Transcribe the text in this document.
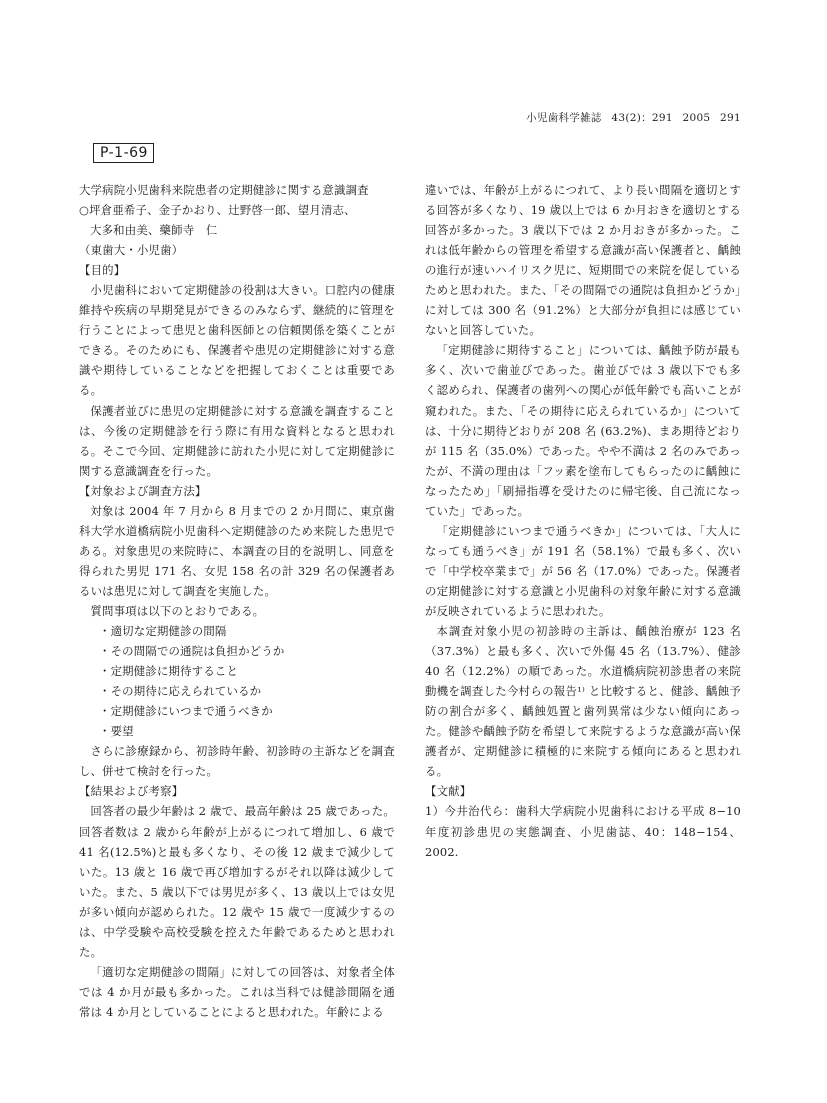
小児歯科学雑誌 43(2)：291 2005 291
P-1-69

大学病院小児歯科来院患者の定期健診に関する意識調査

○坪倉亜希子、金子かおり、辻野啓一郎、望月清志、
大多和由美、藥師寺　仁

（東歯大・小児歯）

【目的】

小児歯科において定期健診の役割は大きい。口腔内の健康維持や疾病の早期発見ができるのみならず、継続的に管理を行うことによって患児と歯科医師との信頼関係を築くことができる。そのためにも、保護者や患児の定期健診に対する意識や期待していることなどを把握しておくことは重要である。

保護者並びに患児の定期健診に対する意識を調査することは、今後の定期健診を行う際に有用な資料となると思われる。そこで今回、定期健診に訪れた小児に対して定期健診に関する意識調査を行った。

【対象および調査方法】

対象は 2004 年 7 月から 8 月までの 2 か月間に、東京歯科大学水道橋病院小児歯科へ定期健診のため来院した患児である。対象患児の来院時に、本調査の目的を説明し、同意を得られた男児 171 名、女児 158 名の計 329 名の保護者あるいは患児に対して調査を実施した。

質問事項は以下のとおりである。

・適切な定期健診の間隔
・その間隔での通院は負担かどうか
・定期健診に期待すること
・その期待に応えられているか
・定期健診にいつまで通うべきか
・要望

さらに診療録から、初診時年齢、初診時の主訴などを調査し、併せて検討を行った。

【結果および考察】

回答者の最少年齢は 2 歳で、最高年齢は 25 歳であった。回答者数は 2 歳から年齢が上がるにつれて増加し、6 歳で 41 名(12.5%)と最も多くなり、その後 12 歳まで減少していた。13 歳と 16 歳で再び増加するがそれ以降は減少していた。また、5 歳以下では男児が多く、13 歳以上では女児が多い傾向が認められた。12 歳や 15 歳で一度減少するのは、中学受験や高校受験を控えた年齢であるためと思われた。

「適切な定期健診の間隔」に対しての回答は、対象者全体では 4 か月が最も多かった。これは当科では健診間隔を通常は 4 か月としていることによると思われた。年齢による

違いでは、年齢が上がるにつれて、より長い間隔を適切とする回答が多くなり、19 歳以上では 6 か月おきを適切とする回答が多かった。3 歳以下では 2 か月おきが多かった。これは低年齢からの管理を希望する意識が高い保護者と、齲蝕の進行が速いハイリスク児に、短期間での来院を促しているためと思われた。また、「その間隔での通院は負担かどうか」に対しては 300 名（91.2%）と大部分が負担には感じていないと回答していた。

「定期健診に期待すること」については、齲蝕予防が最も多く、次いで歯並びであった。歯並びでは 3 歳以下でも多く認められ、保護者の歯列への関心が低年齢でも高いことが窺われた。また、「その期待に応えられているか」については、十分に期待どおりが 208 名 (63.2%)、まあ期待どおりが 115 名（35.0%）であった。やや不満は 2 名のみであったが、不満の理由は「フッ素を塗布してもらったのに齲蝕になったため」「刷掃指導を受けたのに帰宅後、自己流になっていた」であった。

「定期健診にいつまで通うべきか」については、「大人になっても通うべき」が 191 名（58.1%）で最も多く、次いで「中学校卒業まで」が 56 名（17.0%）であった。保護者の定期健診に対する意識と小児歯科の対象年齢に対する意識が反映されているように思われた。

本調査対象小児の初診時の主訴は、齲蝕治療が 123 名（37.3%）と最も多く、次いで外傷 45 名（13.7%）、健診 40 名（12.2%）の順であった。水道橋病院初診患者の来院動機を調査した今村らの報告¹⁾ と比較すると、健診、齲蝕予防の割合が多く、齲蝕処置と歯列異常は少ない傾向にあった。健診や齲蝕予防を希望して来院するような意識が高い保護者が、定期健診に積極的に来院する傾向にあると思われる。

【文献】

1）今井治代ら：歯科大学病院小児歯科における平成 8−10 年度初診患児の実態調査、小児歯誌、40：148−154、2002.
